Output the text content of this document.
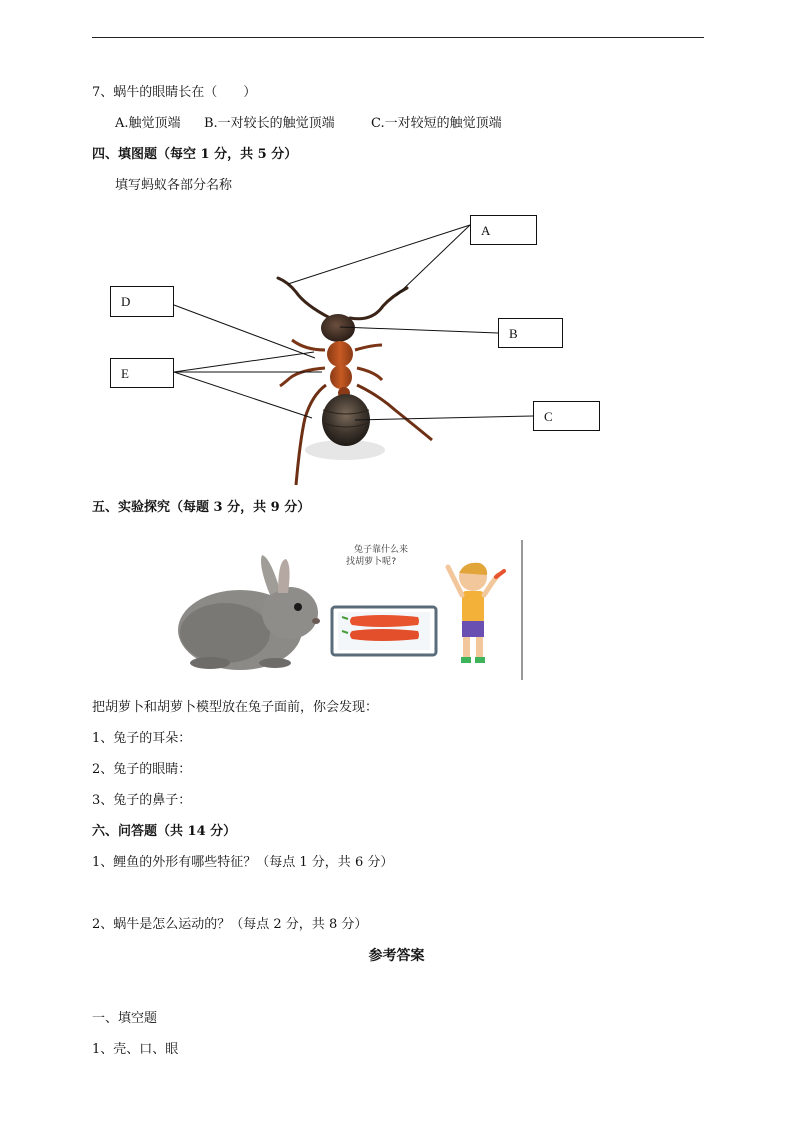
7、蜗牛的眼睛长在（　　）
A.触觉顶端 B.一对较长的触觉顶端	C.一对较短的触觉顶端
四、填图题（每空 1 分，共 5 分）
填写蚂蚁各部分名称
A
D
B
E
C
五、实验探究（每题 3 分，共 9 分）
兔子靠什么来
找胡萝卜呢?
把胡萝卜和胡萝卜模型放在兔子面前，你会发现：
1、兔子的耳朵：
2、兔子的眼睛：
3、兔子的鼻子：
六、问答题（共 14 分）
1、鲤鱼的外形有哪些特征？（每点 1 分，共 6 分）
2、蜗牛是怎么运动的？（每点 2 分，共 8 分）
参考答案
一、填空题
1、壳、口、眼
